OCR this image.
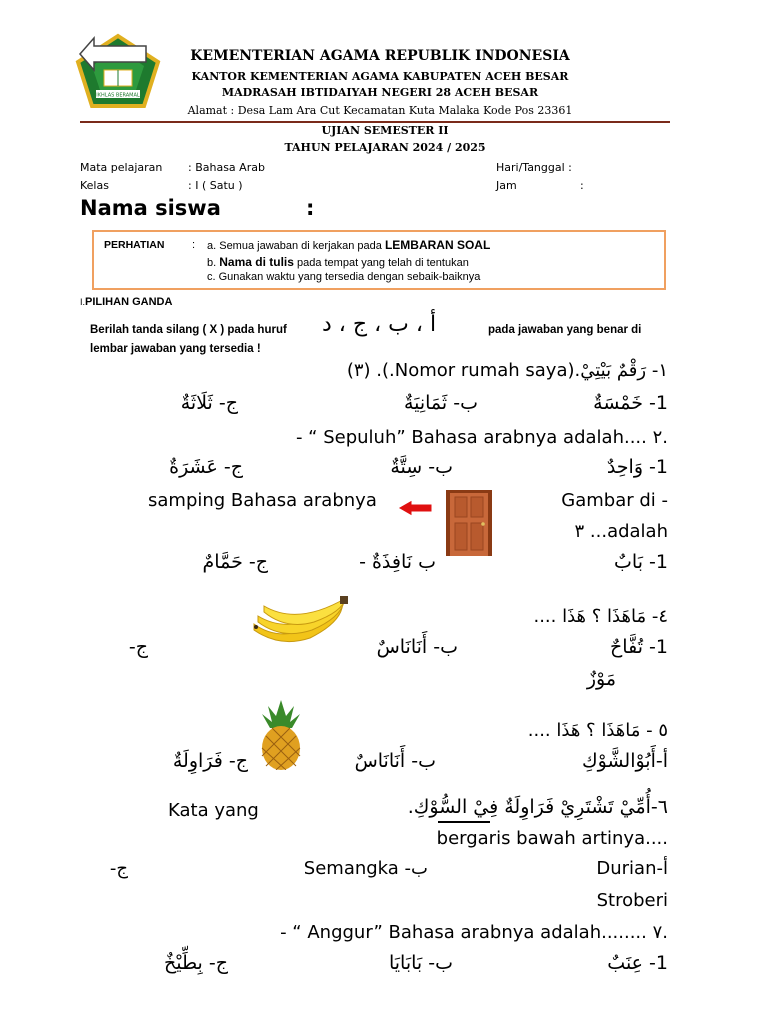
IKHLAS BERAMAL
KEMENTERIAN AGAMA REPUBLIK INDONESIA
KANTOR KEMENTERIAN AGAMA KABUPATEN ACEH BESAR
MADRASAH IBTIDAIYAH NEGERI 28 ACEH BESAR
Alamat : Desa Lam Ara Cut Kecamatan Kuta Malaka Kode Pos 23361
UJIAN SEMESTER II
TAHUN PELAJARAN 2024 / 2025
Mata pelajaran : Bahasa Arab	Hari/Tanggal :
Kelas	: I ( Satu )	Jam	:
Nama siswa	:
PERHATIAN	: a. Semua jawaban di kerjakan pada LEMBARAN SOAL
b. Nama di tulis pada tempat yang telah di tentukan
c. Gunakan waktu yang tersedia dengan sebaik-baiknya
I.PILIHAN GANDA
Berilah tanda silang ( X ) pada huruf أ ، ب ، ج ، د	pada jawaban yang benar di
lembar jawaban yang tersedia !
١- رَقْمٌ بَيْتِيْ.(Nomor rumah saya.). (٣)
1- خَمْسَةٌ
ب- ثَمَانِيَةٌ
ج- ثَلَاثَةٌ
- “ Sepuluh” Bahasa arabnya adalah.... ٢.
1- وَاحِدٌ
ب- سِتَّةٌ
ج- عَشَرَةٌ
samping Bahasa arabnya	Gambar di -
٣ ...adalah
1- بَابٌ
ب نَافِذَةٌ -
ج- حَمَّامٌ
٤- مَاهَذَا ؟ هَذَا ....
1- تُفَّاحٌ
ب- أَنَانَاسٌ
ج-
مَوْزٌ
٥ - مَاهَذَا ؟ هَذَا ....
أ-أَبُوْالشَّوْكِ
ب- أَنَانَاسٌ
ج- فَرَاوِلَةٌ
Kata yang	٦-أُمِّيْ تَشْتَرِيْ فَرَاوِلَةٌ فِيْ السُّوْكِ.
bergaris bawah artinya....
Durian-أ
Semangka -ب
ج-
Stroberi
- “ Anggur” Bahasa arabnya adalah........ ٧.
1- عِنَبٌ
ب- بَابَايَا
ج- بِطِّيْخٌ
